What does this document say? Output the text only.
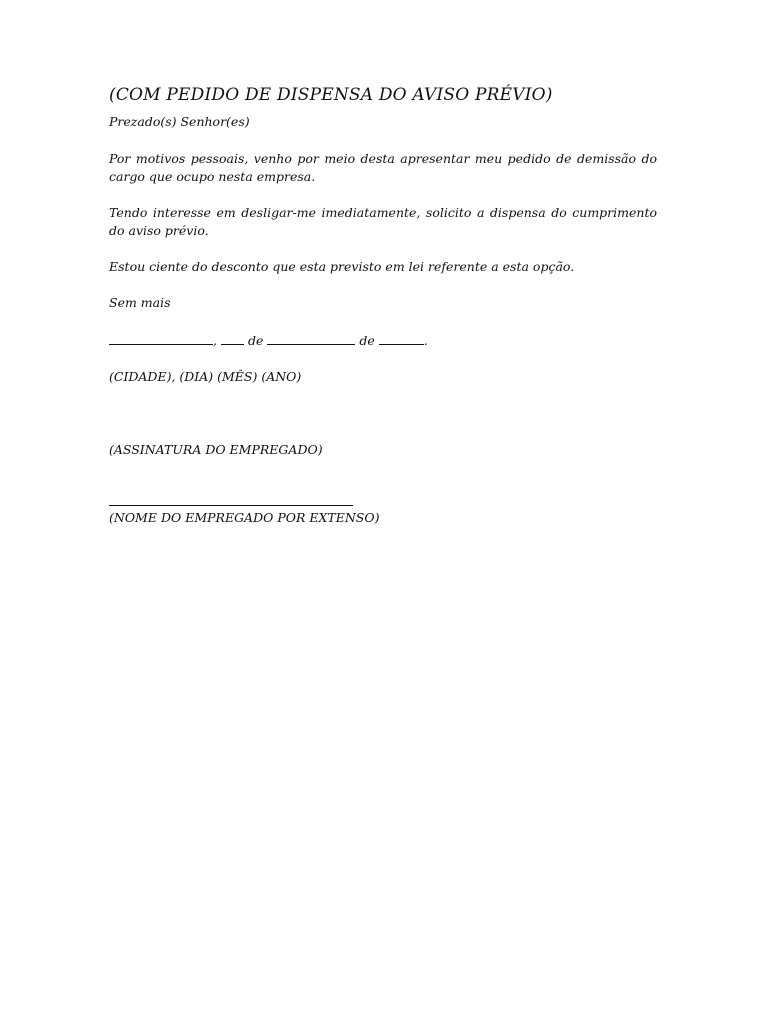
(COM PEDIDO DE DISPENSA DO AVISO PRÉVIO)

Prezado(s) Senhor(es)

Por motivos pessoais, venho por meio desta apresentar meu pedido de demissão do cargo que ocupo nesta empresa.

Tendo interesse em desligar-me imediatamente, solicito a dispensa do cumprimento do aviso prévio.

Estou ciente do desconto que esta previsto em lei referente a esta opção.

Sem mais

, de	de	.

(CIDADE), (DIA) (MÊS) (ANO)

(ASSINATURA DO EMPREGADO)

(NOME DO EMPREGADO POR EXTENSO)
